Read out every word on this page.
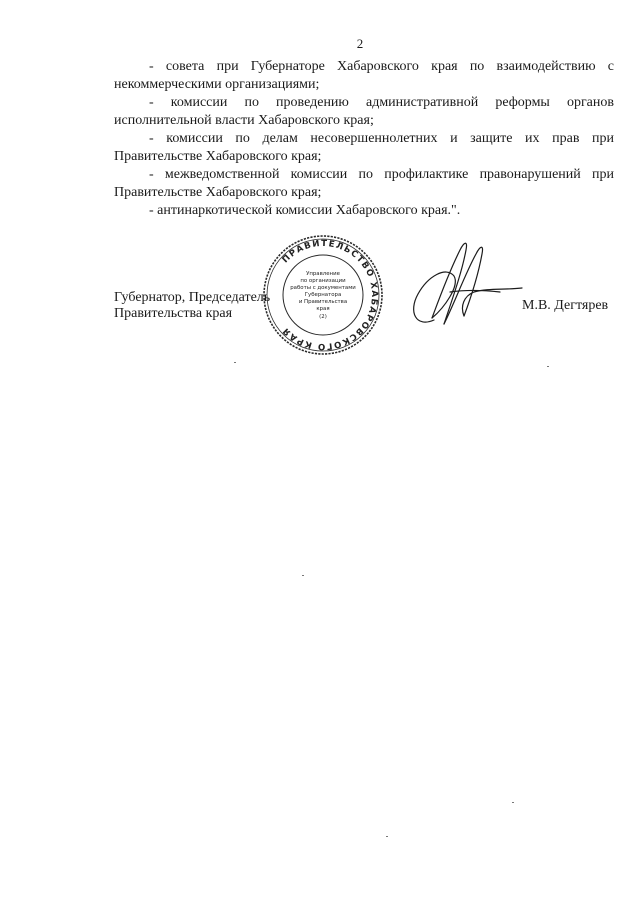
2

- совета при Губернаторе Хабаровского края по взаимодействию с некоммерческими организациями;

- комиссии по проведению административной реформы органов исполнительной власти Хабаровского края;

- комиссии по делам несовершеннолетних и защите их прав при Правительстве Хабаровского края;

- межведомственной комиссии по профилактике правонарушений при Правительстве Хабаровского края;

- антинаркотической комиссии Хабаровского края.".

ПРАВИТЕЛЬСТВО ХАБАРОВСКОГО КРАЯ
Управление
по организации
работы с документами
Губернатора
и Правительства
края
(2)
Губернатор, Председатель
Правительства края
М.В. Дегтярев
